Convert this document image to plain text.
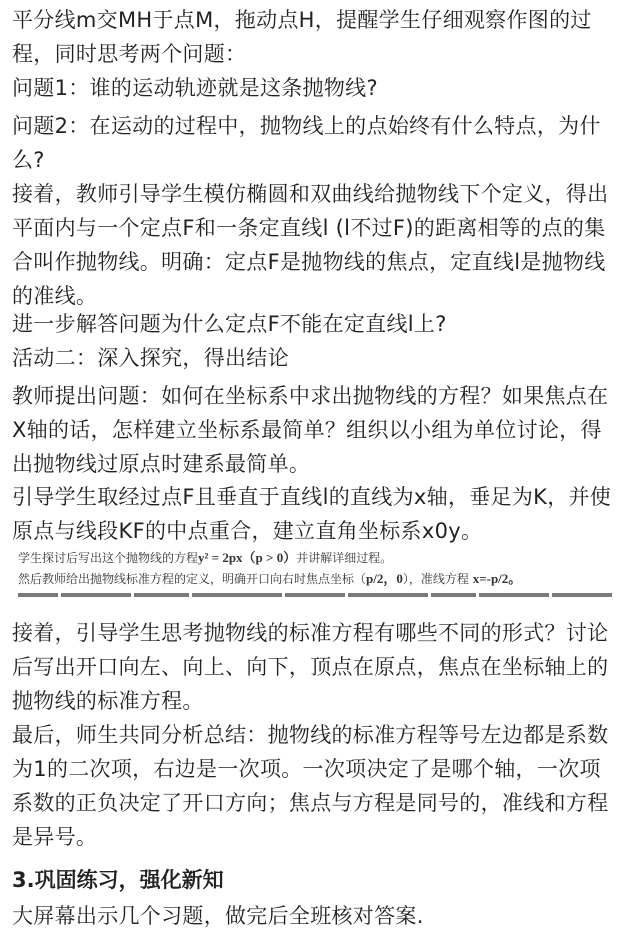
平分线m交MH于点M，拖动点H，提醒学生仔细观察作图的过程，同时思考两个问题：

问题1：谁的运动轨迹就是这条抛物线?

问题2：在运动的过程中，抛物线上的点始终有什么特点，为什么?

接着，教师引导学生模仿椭圆和双曲线给抛物线下个定义，得出平面内与一个定点F和一条定直线l (l不过F)的距离相等的点的集合叫作抛物线。明确：定点F是抛物线的焦点，定直线l是抛物线的准线。

进一步解答问题为什么定点F不能在定直线l上?

活动二：深入探究，得出结论

教师提出问题：如何在坐标系中求出抛物线的方程？如果焦点在X轴的话，怎样建立坐标系最简单？组织以小组为单位讨论，得出抛物线过原点时建系最简单。

引导学生取经过点F且垂直于直线l的直线为x轴，垂足为K，并使原点与线段KF的中点重合，建立直角坐标系x0y。

学生探讨后写出这个抛物线的方程y² = 2px（p > 0）并讲解详细过程。
然后教师给出抛物线标准方程的定义，明确开口向右时焦点坐标（p/2，0），准线方程 x=-p/2。

接着，引导学生思考抛物线的标准方程有哪些不同的形式？讨论后写出开口向左、向上、向下，顶点在原点，焦点在坐标轴上的抛物线的标准方程。

最后，师生共同分析总结：抛物线的标准方程等号左边都是系数为1的二次项，右边是一次项。一次项决定了是哪个轴，一次项系数的正负决定了开口方向；焦点与方程是同号的，准线和方程是异号。

3.巩固练习，强化新知

大屏幕出示几个习题，做完后全班核对答案.
